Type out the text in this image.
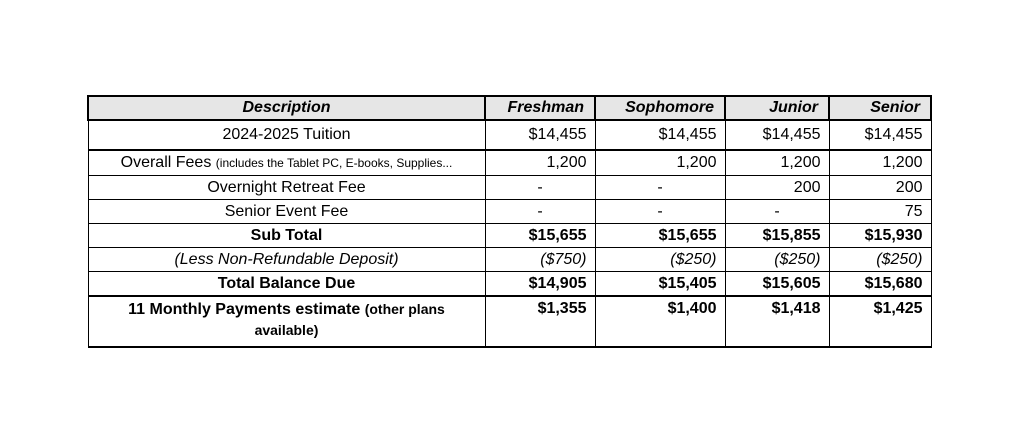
Description	Freshman	Sophomore	Junior	Senior
2024-2025 Tuition	$14,455	$14,455	$14,455	$14,455
Overall Fees (includes the Tablet PC, E-books, Supplies...	1,200	1,200	1,200	1,200
Overnight Retreat Fee	-	-	200	200
Senior Event Fee	-	-	-	75
Sub Total	$15,655	$15,655	$15,855	$15,930
(Less Non-Refundable Deposit)	($750)	($250)	($250)	($250)
Total Balance Due	$14,905	$15,405	$15,605	$15,680
11 Monthly Payments estimate (other plans available)	$1,355	$1,400	$1,418	$1,425
